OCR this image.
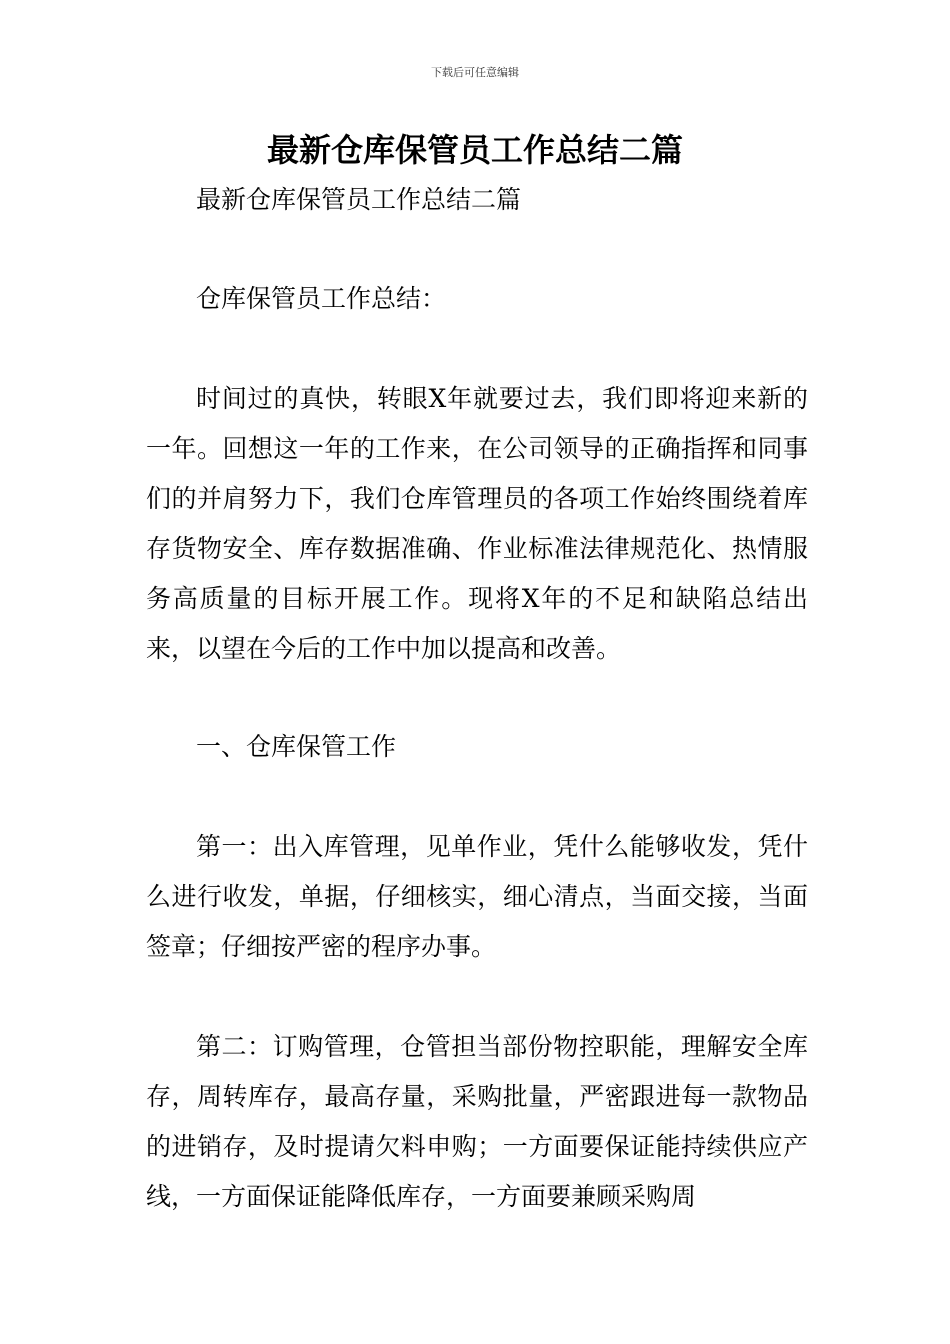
下载后可任意编辑
最新仓库保管员工作总结二篇

最新仓库保管员工作总结二篇

仓库保管员工作总结：

时间过的真快，转眼X年就要过去，我们即将迎来新的一年。回想这一年的工作来，在公司领导的正确指挥和同事们的并肩努力下，我们仓库管理员的各项工作始终围绕着库存货物安全、库存数据准确、作业标准法律规范化、热情服务高质量的目标开展工作。现将X年的不足和缺陷总结出来，以望在今后的工作中加以提高和改善。

一、仓库保管工作

第一：出入库管理，见单作业，凭什么能够收发，凭什么进行收发，单据，仔细核实，细心清点，当面交接，当面签章；仔细按严密的程序办事。

第二：订购管理，仓管担当部份物控职能，理解安全库存，周转库存，最高存量，采购批量，严密跟进每一款物品的进销存，及时提请欠料申购；一方面要保证能持续供应产线，一方面保证能降低库存，一方面要兼顾采购周
